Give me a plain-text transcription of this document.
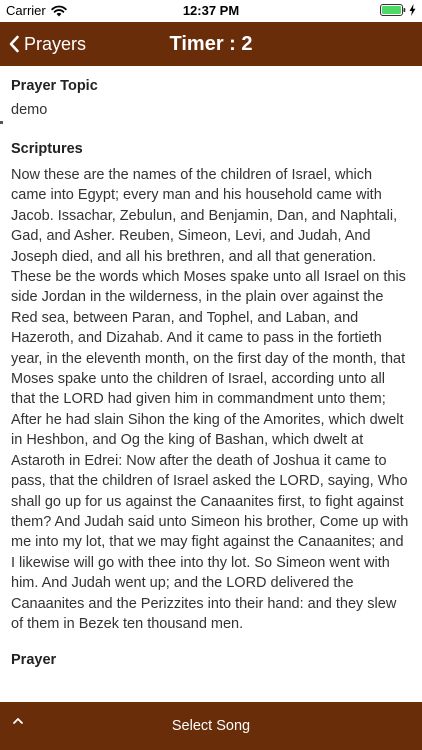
Carrier	12:37 PM
Prayers	Timer : 2
Prayer Topic
demo
Scriptures
Now these are the names of the children of Israel, which came into Egypt; every man and his household came with Jacob. Issachar, Zebulun, and Benjamin, Dan, and Naphtali, Gad, and Asher. Reuben, Simeon, Levi, and Judah, And Joseph died, and all his brethren, and all that generation. These be the words which Moses spake unto all Israel on this side Jordan in the wilderness, in the plain over against the Red sea, between Paran, and Tophel, and Laban, and Hazeroth, and Dizahab. And it came to pass in the fortieth year, in the eleventh month, on the first day of the month, that Moses spake unto the children of Israel, according unto all that the LORD had given him in commandment unto them; After he had slain Sihon the king of the Amorites, which dwelt in Heshbon, and Og the king of Bashan, which dwelt at Astaroth in Edrei: Now after the death of Joshua it came to pass, that the children of Israel asked the LORD, saying, Who shall go up for us against the Canaanites first, to fight against them? And Judah said unto Simeon his brother, Come up with me into my lot, that we may fight against the Canaanites; and I likewise will go with thee into thy lot. So Simeon went with him. And Judah went up; and the LORD delivered the Canaanites and the Perizzites into their hand: and they slew of them in Bezek ten thousand men.
Prayer
Select Song
